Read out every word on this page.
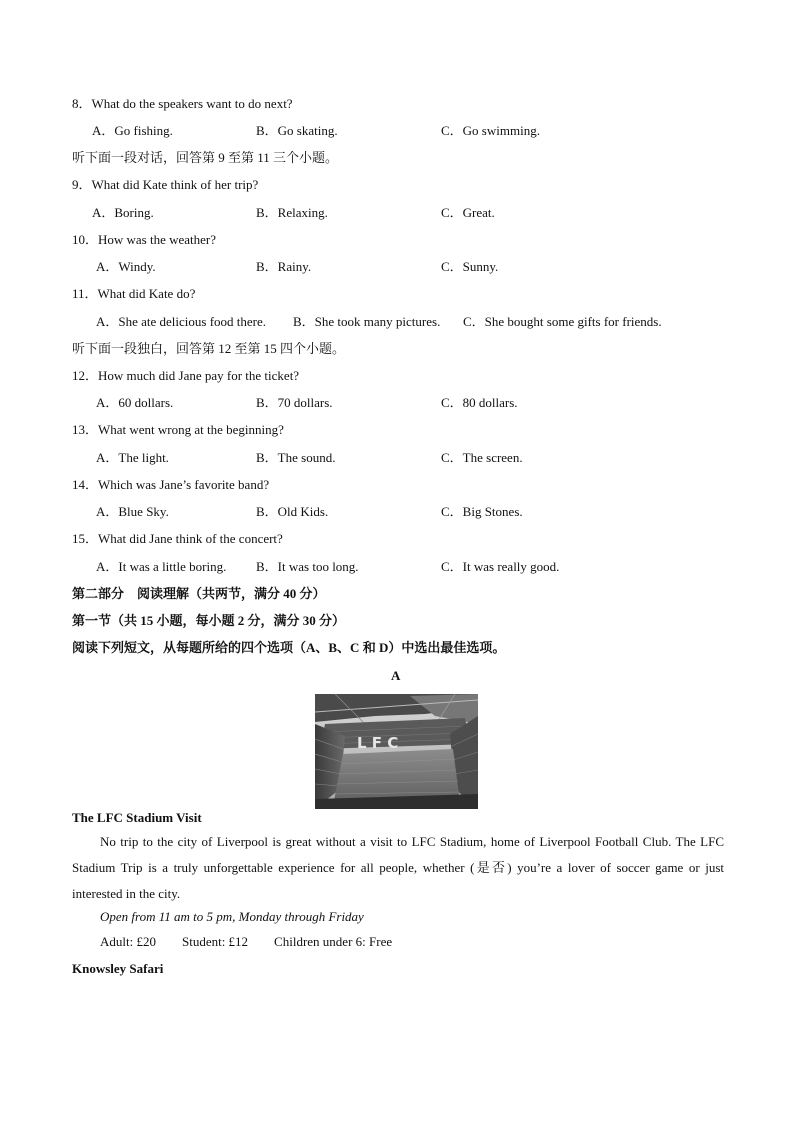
8．What do the speakers want to do next?
A．Go fishing.	B．Go skating.	C．Go swimming.
听下面一段对话，回答第 9 至第 11 三个小题。
9．What did Kate think of her trip?
A．Boring.	B．Relaxing.	C．Great.
10．How was the weather?
A．Windy.	B．Rainy.	C．Sunny.
11．What did Kate do?
A．She ate delicious food there. B．She took many pictures. C．She bought some gifts for friends.
听下面一段独白，回答第 12 至第 15 四个小题。
12．How much did Jane pay for the ticket?
A．60 dollars.	B．70 dollars.	C．80 dollars.
13．What went wrong at the beginning?
A．The light.	B．The sound.	C．The screen.
14．Which was Jane’s favorite band?
A．Blue Sky.	B．Old Kids.	C．Big Stones.
15．What did Jane think of the concert?
A．It was a little boring. B．It was too long.	C．It was really good.
第二部分　阅读理解（共两节，满分 40 分）
第一节（共 15 小题，每小题 2 分，满分 30 分）
阅读下列短文，从每题所给的四个选项（A、B、C 和 D）中选出最佳选项。
A
L F C
The LFC Stadium Visit
No trip to the city of Liverpool is great without a visit to LFC Stadium, home of Liverpool Football Club. The LFC Stadium Trip is a truly unforgettable experience for all people, whether (是否) you’re a lover of soccer game or just interested in the city.
Open from 11 am to 5 pm, Monday through Friday
Adult: £20　　Student: £12　　Children under 6: Free
Knowsley Safari
